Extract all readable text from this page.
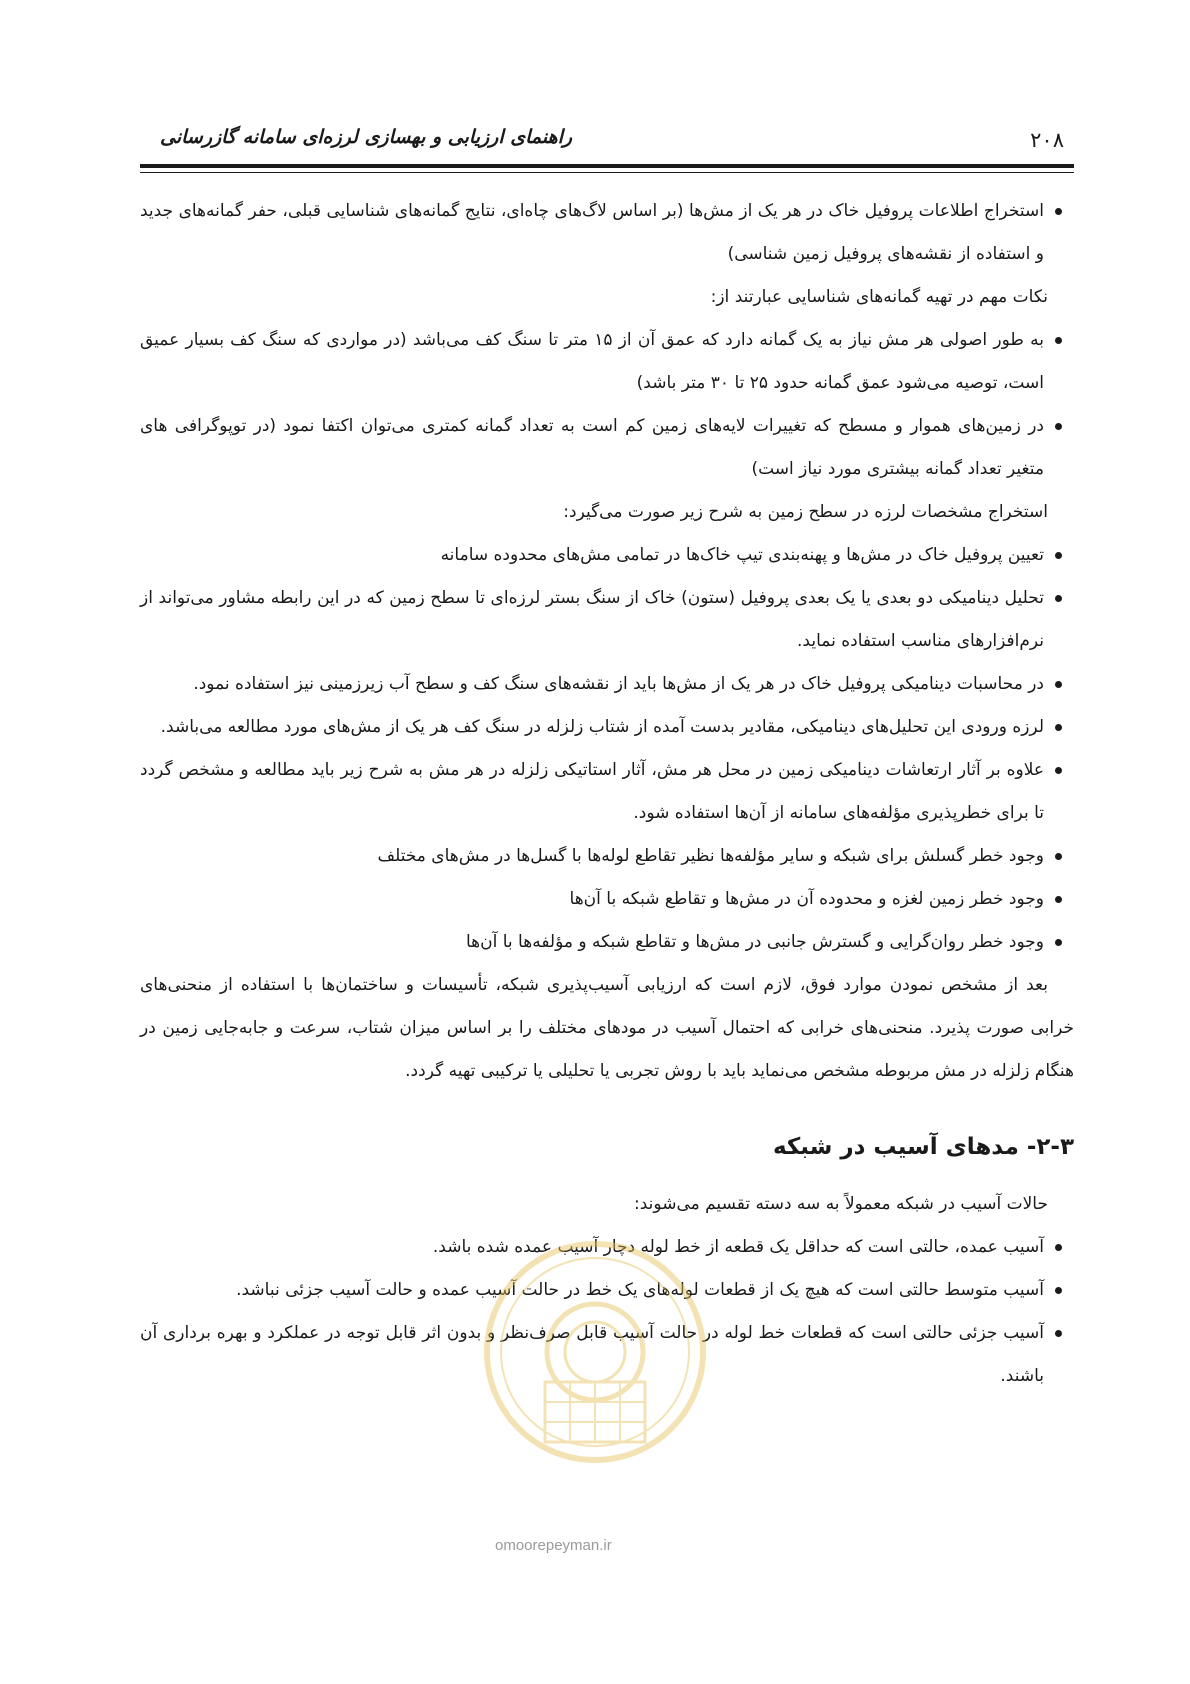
۲۰۸
راهنمای ارزیابی و بهسازی لرزه‌ای سامانه گازرسانی
استخراج اطلاعات پروفیل خاک در هر یک از مش‌ها (بر اساس لاگ‌های چاه‌ای، نتایج گمانه‌های شناسایی قبلی، حفر گمانه‌های جدید و استفاده از نقشه‌های پروفیل زمین شناسی)

نکات مهم در تهیه گمانه‌های شناسایی عبارتند از:

به طور اصولی هر مش نیاز به یک گمانه دارد که عمق آن از ۱۵ متر تا سنگ کف می‌باشد (در مواردی که سنگ کف بسیار عمیق است، توصیه می‌شود عمق گمانه حدود ۲۵ تا ۳۰ متر باشد)
در زمین‌های هموار و مسطح که تغییرات لایه‌های زمین کم است به تعداد گمانه کمتری می‌توان اکتفا نمود (در توپوگرافی های متغیر تعداد گمانه بیشتری مورد نیاز است)

استخراج مشخصات لرزه در سطح زمین به شرح زیر صورت می‌گیرد:

تعیین پروفیل خاک در مش‌ها و پهنه‌بندی تیپ خاک‌ها در تمامی مش‌های محدوده سامانه
تحلیل دینامیکی دو بعدی یا یک بعدی پروفیل (ستون) خاک از سنگ بستر لرزه‌ای تا سطح زمین که در این رابطه مشاور می‌تواند از نرم‌افزارهای مناسب استفاده نماید.
در محاسبات دینامیکی پروفیل خاک در هر یک از مش‌ها باید از نقشه‌های سنگ کف و سطح آب زیرزمینی نیز استفاده نمود.
لرزه ورودی این تحلیل‌های دینامیکی، مقادیر بدست آمده از شتاب زلزله در سنگ کف هر یک از مش‌های مورد مطالعه می‌باشد.
علاوه بر آثار ارتعاشات دینامیکی زمین در محل هر مش، آثار استاتیکی زلزله در هر مش به شرح زیر باید مطالعه و مشخص گردد تا برای خطرپذیری مؤلفه‌های سامانه از آن‌ها استفاده شود.
وجود خطر گسلش برای شبکه و سایر مؤلفه‌ها نظیر تقاطع لوله‌ها با گسل‌ها در مش‌های مختلف
وجود خطر زمین لغزه و محدوده آن در مش‌ها و تقاطع شبکه با آن‌ها
وجود خطر روان‌گرایی و گسترش جانبی در مش‌ها و تقاطع شبکه و مؤلفه‌ها با آن‌ها

بعد از مشخص نمودن موارد فوق، لازم است که ارزیابی آسیب‌پذیری شبکه، تأسیسات و ساختمان‌ها با استفاده از منحنی‌های خرابی صورت پذیرد. منحنی‌های خرابی که احتمال آسیب در مودهای مختلف را بر اساس میزان شتاب، سرعت و جابه‌جایی زمین در هنگام زلزله در مش مربوطه مشخص می‌نماید باید با روش تجربی یا تحلیلی یا ترکیبی تهیه گردد.

۲-۳- مدهای آسیب در شبکه

حالات آسیب در شبکه معمولاً به سه دسته تقسیم می‌شوند:

آسیب عمده، حالتی است که حداقل یک قطعه از خط لوله دچار آسیب عمده شده باشد.
آسیب متوسط حالتی است که هیچ یک از قطعات لوله‌های یک خط در حالت آسیب عمده و حالت آسیب جزئی نباشد.
آسیب جزئی حالتی است که قطعات خط لوله در حالت آسیب قابل صرف‌نظر و بدون اثر قابل توجه در عملکرد و بهره برداری آن باشند.
omoorepeyman.ir
